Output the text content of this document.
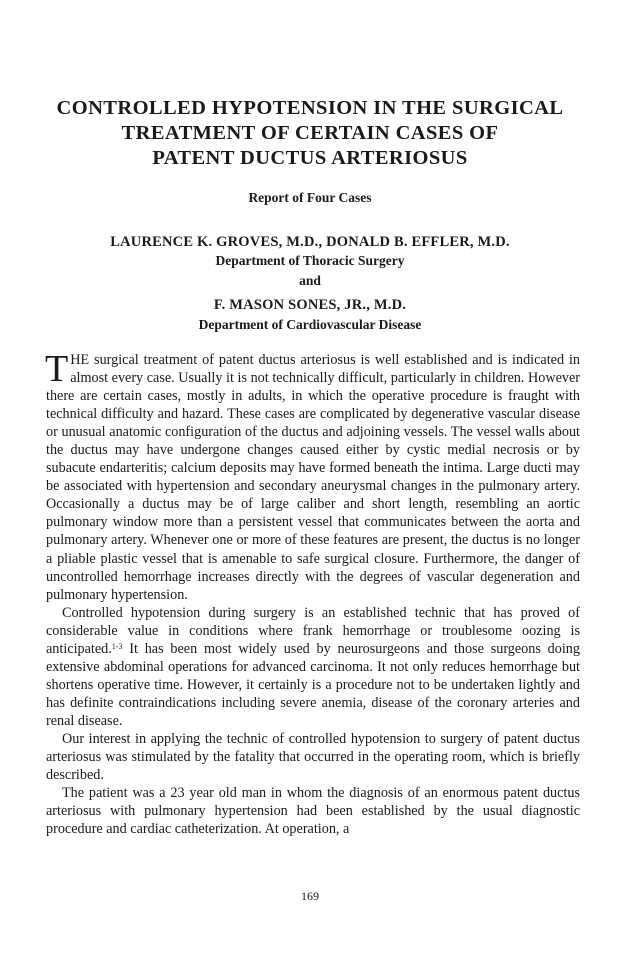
CONTROLLED HYPOTENSION IN THE SURGICAL
TREATMENT OF CERTAIN CASES OF
PATENT DUCTUS ARTERIOSUS

Report of Four Cases

LAURENCE K. GROVES, M.D., DONALD B. EFFLER, M.D.

Department of Thoracic Surgery

and

F. MASON SONES, JR., M.D.

Department of Cardiovascular Disease

THE surgical treatment of patent ductus arteriosus is well established and is indicated in almost every case. Usually it is not technically difficult, particularly in children. However there are certain cases, mostly in adults, in which the operative procedure is fraught with technical difficulty and hazard. These cases are complicated by degenerative vascular disease or unusual anatomic configuration of the ductus and adjoining vessels. The vessel walls about the ductus may have undergone changes caused either by cystic medial necrosis or by subacute endarteritis; calcium deposits may have formed beneath the intima. Large ducti may be associated with hypertension and secondary aneurysmal changes in the pulmonary artery. Occasionally a ductus may be of large caliber and short length, resembling an aortic pulmonary window more than a persistent vessel that communicates between the aorta and pulmonary artery. Whenever one or more of these features are present, the ductus is no longer a pliable plastic vessel that is amenable to safe surgical closure. Furthermore, the danger of uncontrolled hemorrhage increases directly with the degrees of vascular degeneration and pulmonary hypertension.

Controlled hypotension during surgery is an established technic that has proved of considerable value in conditions where frank hemorrhage or troublesome oozing is anticipated.$^{1-3}$ It has been most widely used by neurosurgeons and those surgeons doing extensive abdominal operations for advanced carcinoma. It not only reduces hemorrhage but shortens operative time. However, it certainly is a procedure not to be undertaken lightly and has definite contraindications including severe anemia, disease of the coronary arteries and renal disease.

Our interest in applying the technic of controlled hypotension to surgery of patent ductus arteriosus was stimulated by the fatality that occurred in the operating room, which is briefly described.

The patient was a 23 year old man in whom the diagnosis of an enormous patent ductus arteriosus with pulmonary hypertension had been established by the usual diagnostic procedure and cardiac catheterization. At operation, a

169
